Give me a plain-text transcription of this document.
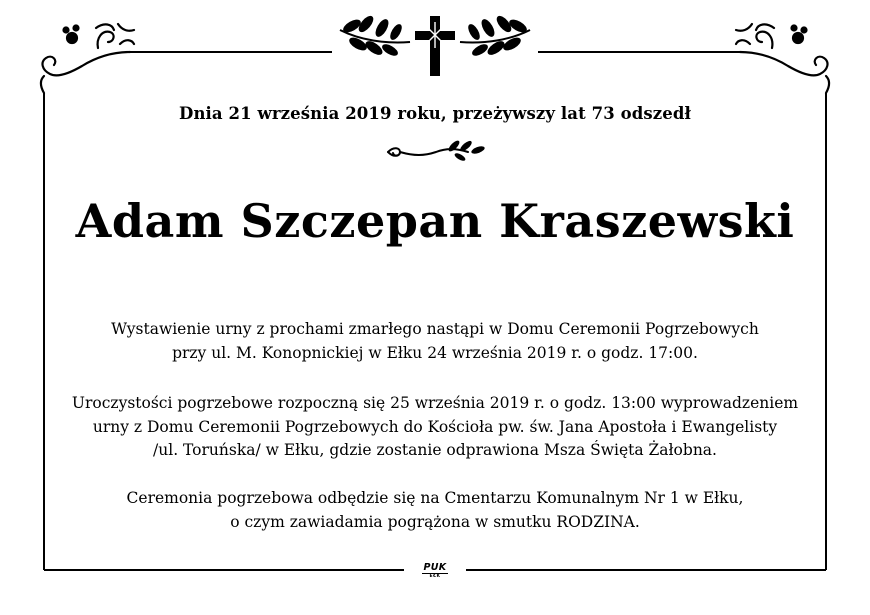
Dnia 21 września 2019 roku, przeżywszy lat 73 odszedł
Adam Szczepan Kraszewski
Wystawienie urny z prochami zmarłego nastąpi w Domu Ceremonii Pogrzebowych
przy ul. M. Konopnickiej w Ełku 24 września 2019 r. o godz. 17:00.
Uroczystości pogrzebowe rozpoczną się 25 września 2019 r. o godz. 13:00 wyprowadzeniem
urny z Domu Ceremonii Pogrzebowych do Kościoła pw. św. Jana Apostoła i Ewangelisty
/ul. Toruńska/ w Ełku, gdzie zostanie odprawiona Msza Święta Żałobna.
Ceremonia pogrzebowa odbędzie się na Cmentarzu Komunalnym Nr 1 w Ełku,
o czym zawiadamia pogrążona w smutku RODZINA.
PUK
EŁK
